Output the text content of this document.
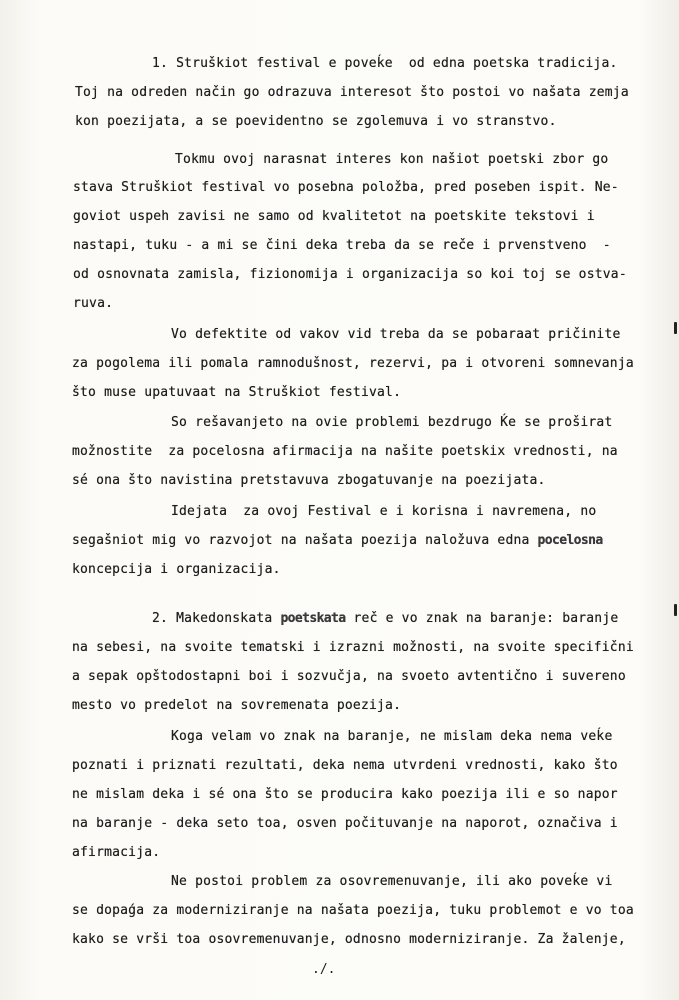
1. Struškiot festival e poveḱe  od edna poetska tradicija.
Toj na odreden način go odrazuva interesot što postoi vo našata zemja
kon poezijata, a se poevidentno se zgolemuva i vo stranstvo.
Tokmu ovoj narasnat interes kon našiot poetski zbor go
stava Struškiot festival vo posebna položba, pred poseben ispit. Ne-
goviot uspeh zavisi ne samo od kvalitetot na poetskite tekstovi i
nastapi, tuku - a mi se čini deka treba da se reče i prvenstveno  -
od osnovnata zamisla, fizionomija i organizacija so koi toj se ostva-
ruva.
Vo defektite od vakov vid treba da se pobaraat pričinite
za pogolema ili pomala ramnodušnost, rezervi, pa i otvoreni somnevanja
što muse upatuvaat na Struškiot festival.
So rešavanjeto na ovie problemi bezdrugo Ḱe se proširat
možnostite  za pocelosna afirmacija na našite poetskix vrednosti, na
sé ona što navistina pretstavuva zbogatuvanje na poezijata.
Idejata  za ovoj Festival e i korisna i navremena, no
segašniot mig vo razvojot na našata poezija naložuva edna pocelosna
koncepcija i organizacija.
2. Makedonskata poetskata reč e vo znak na baranje: baranje
na sebesi, na svoite tematski i izrazni možnosti, na svoite specifični
a sepak opštodostapni boi i sozvučja, na svoeto avtentično i suvereno
mesto vo predelot na sovremenata poezija.
Koga velam vo znak na baranje, ne mislam deka nema veḱe
poznati i priznati rezultati, deka nema utvrdeni vrednosti, kako što
ne mislam deka i sé ona što se producira kako poezija ili e so napor
na baranje - deka seto toa, osven počituvanje na naporot, označiva i
afirmacija.
Ne postoi problem za osovremenuvanje, ili ako poveḱe vi
se dopaǵa za moderniziranje na našata poezija, tuku problemot e vo toa
kako se vrši toa osovremenuvanje, odnosno moderniziranje. Za žalenje,
./.
